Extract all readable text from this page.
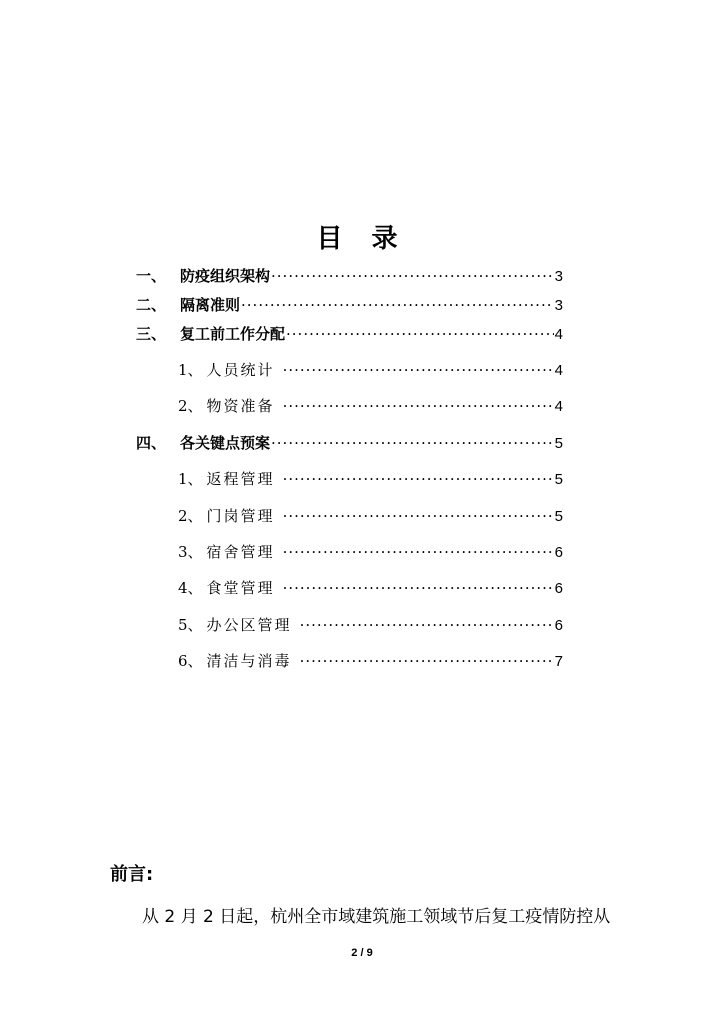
目 录
一、 防疫组织架构 ·····	3
二、 隔离准则 ·····	3
三、 复工前工作分配 ·····	4
1、 人员统计 ·····	4
2、 物资准备 ·····	4
四、 各关键点预案 ·····	5
1、 返程管理 ·····	5
2、 门岗管理 ·····	5
3、 宿舍管理 ·····	6
4、 食堂管理 ·····	6
5、 办公区管理 ·····	6
6、 清洁与消毒 ·····	7
前言:
从 2 月 2 日起，杭州全市域建筑施工领域节后复工疫情防控从
2 / 9
